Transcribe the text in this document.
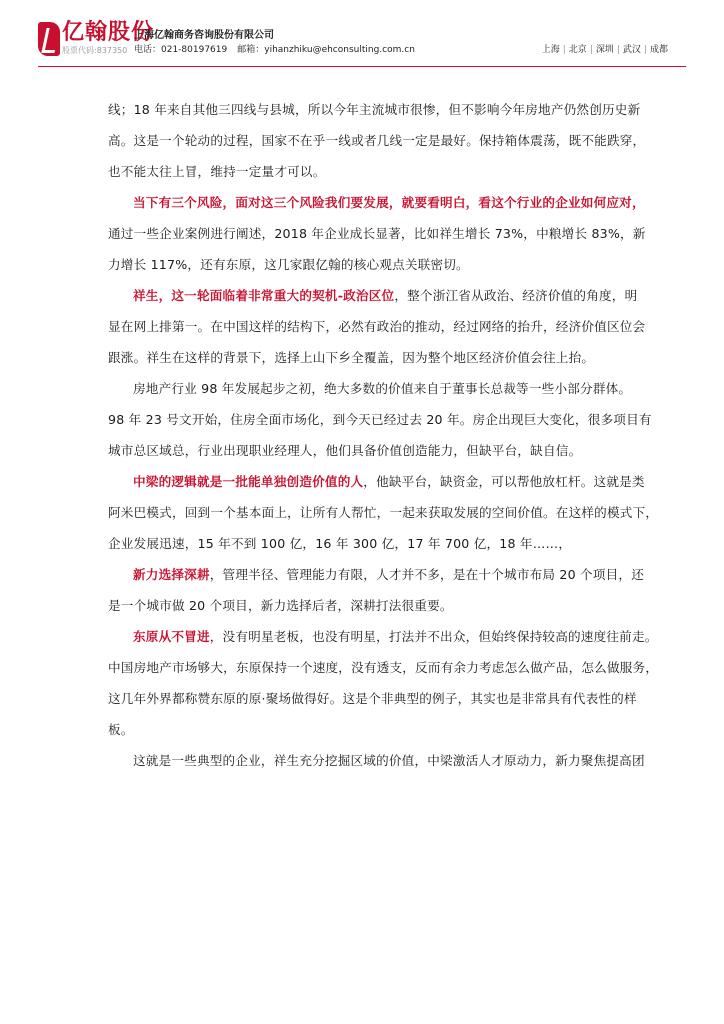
亿翰股份
股票代码:837350
上海亿翰商务咨询股份有限公司
电话：021-80197619 邮箱：yihanzhiku@ehconsulting.com.cn	上海 | 北京 | 深圳 | 武汉 | 成都
线；18 年来自其他三四线与县城，所以今年主流城市很惨，但不影响今年房地产仍然创历史新
高。这是一个轮动的过程，国家不在乎一线或者几线一定是最好。保持箱体震荡，既不能跌穿，
也不能太往上冒，维持一定量才可以。
当下有三个风险，面对这三个风险我们要发展，就要看明白，看这个行业的企业如何应对，
通过一些企业案例进行阐述，2018 年企业成长显著，比如祥生增长 73%，中粮增长 83%，新
力增长 117%，还有东原，这几家跟亿翰的核心观点关联密切。
祥生，这一轮面临着非常重大的契机-政治区位，整个浙江省从政治、经济价值的角度，明
显在网上排第一。在中国这样的结构下，必然有政治的推动，经过网络的抬升，经济价值区位会
跟涨。祥生在这样的背景下，选择上山下乡全覆盖，因为整个地区经济价值会往上抬。
房地产行业 98 年发展起步之初，绝大多数的价值来自于董事长总裁等一些小部分群体。
98 年 23 号文开始，住房全面市场化，到今天已经过去 20 年。房企出现巨大变化，很多项目有
城市总区域总，行业出现职业经理人，他们具备价值创造能力，但缺平台，缺自信。
中梁的逻辑就是一批能单独创造价值的人，他缺平台，缺资金，可以帮他放杠杆。这就是类
阿米巴模式，回到一个基本面上，让所有人帮忙，一起来获取发展的空间价值。在这样的模式下，
企业发展迅速，15 年不到 100 亿，16 年 300 亿，17 年 700 亿，18 年……，
新力选择深耕，管理半径、管理能力有限，人才并不多，是在十个城市布局 20 个项目，还
是一个城市做 20 个项目，新力选择后者，深耕打法很重要。
东原从不冒进，没有明星老板，也没有明星，打法并不出众，但始终保持较高的速度往前走。
中国房地产市场够大，东原保持一个速度，没有透支，反而有余力考虑怎么做产品，怎么做服务，
这几年外界都称赞东原的原·聚场做得好。这是个非典型的例子，其实也是非常具有代表性的样
板。
这就是一些典型的企业，祥生充分挖掘区域的价值，中梁激活人才原动力，新力聚焦提高团
